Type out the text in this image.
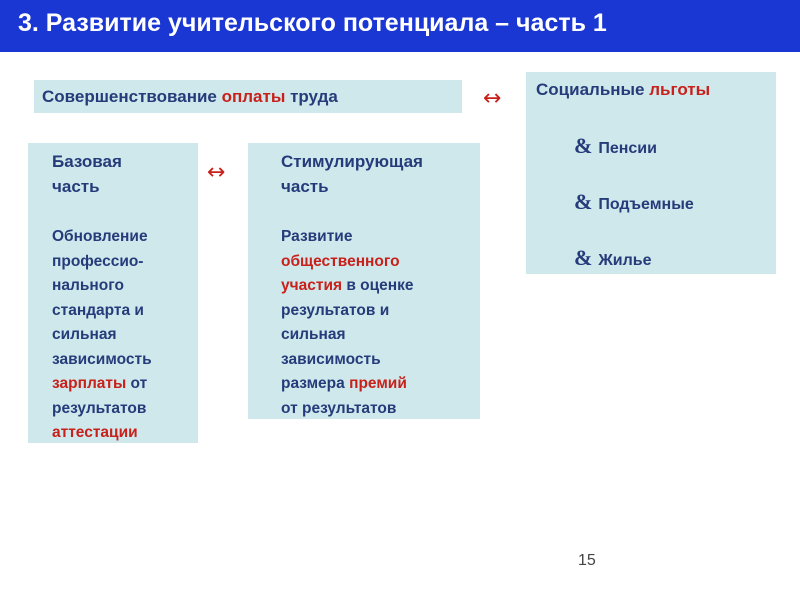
3. Развитие учительского потенциала – часть 1
Совершенствование оплаты труда	↔ Социальные льготы
& Пенсии
& Подъемные
& Жилье
Базовая
часть
Обновление
профессио-
нального
стандарта и
сильная
зависимость
зарплаты от
результатов
аттестации
↔	Стимулирующая
часть
Развитие
общественного
участия в оценке
результатов и
сильная
зависимость
размера премий
от результатов
15
